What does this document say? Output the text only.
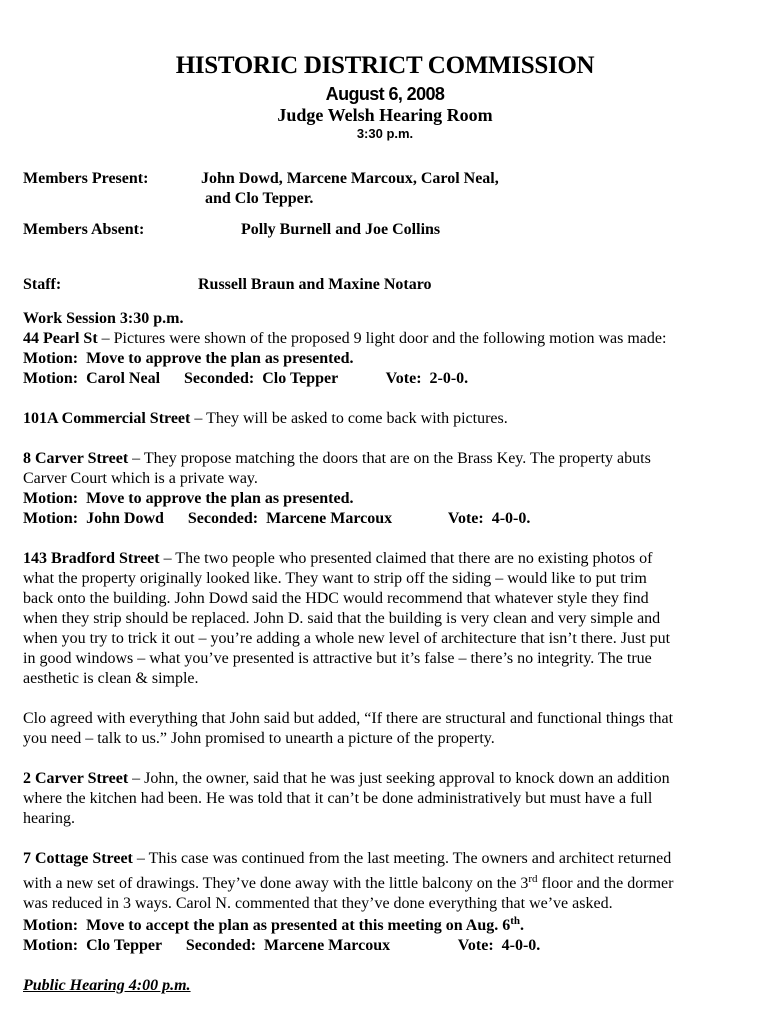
HISTORIC DISTRICT COMMISSION
August 6, 2008
Judge Welsh Hearing Room
3:30 p.m.
Members Present:	John Dowd, Marcene Marcoux, Carol Neal,
and Clo Tepper.
Members Absent:	Polly Burnell and Joe Collins
Staff:	Russell Braun and Maxine Notaro
Work Session 3:30 p.m.
44 Pearl St – Pictures were shown of the proposed 9 light door and the following motion was made:
Motion:  Move to approve the plan as presented.
Motion:  Carol Neal      Seconded:  Clo Tepper            Vote:  2-0-0.
101A Commercial Street – They will be asked to come back with pictures.
8 Carver Street – They propose matching the doors that are on the Brass Key. The property abuts
Carver Court which is a private way.
Motion:  Move to approve the plan as presented.
Motion:  John Dowd      Seconded:  Marcene Marcoux              Vote:  4-0-0.
143 Bradford Street – The two people who presented claimed that there are no existing photos of
what the property originally looked like. They want to strip off the siding – would like to put trim
back onto the building. John Dowd said the HDC would recommend that whatever style they find
when they strip should be replaced. John D. said that the building is very clean and very simple and
when you try to trick it out – you’re adding a whole new level of architecture that isn’t there. Just put
in good windows – what you’ve presented is attractive but it’s false – there’s no integrity. The true
aesthetic is clean & simple.
Clo agreed with everything that John said but added, “If there are structural and functional things that
you need – talk to us.” John promised to unearth a picture of the property.
2 Carver Street – John, the owner, said that he was just seeking approval to knock down an addition
where the kitchen had been. He was told that it can’t be done administratively but must have a full
hearing.
7 Cottage Street – This case was continued from the last meeting. The owners and architect returned
with a new set of drawings. They’ve done away with the little balcony on the 3rd floor and the dormer
was reduced in 3 ways. Carol N. commented that they’ve done everything that we’ve asked.
Motion:  Move to accept the plan as presented at this meeting on Aug. 6th.
Motion:  Clo Tepper      Seconded:  Marcene Marcoux                 Vote:  4-0-0.
Public Hearing 4:00 p.m.
